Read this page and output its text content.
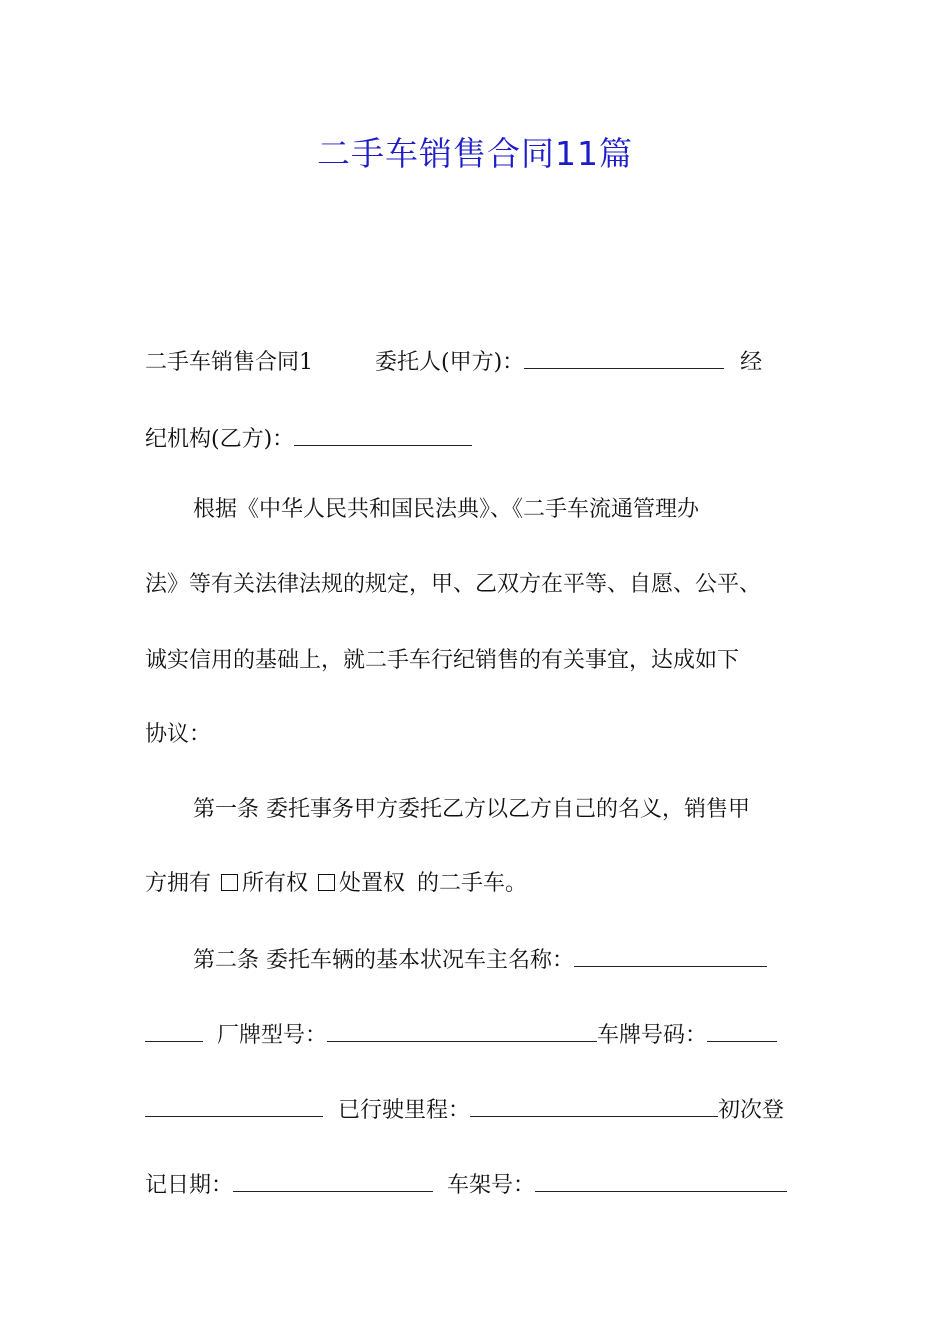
二手车销售合同11篇
二手车销售合同1	委托人(甲方)：	经
纪机构(乙方)：
根据《中华人民共和国民法典》、《二手车流通管理办
法》等有关法律法规的规定，甲、乙双方在平等、自愿、公平、
诚实信用的基础上，就二手车行纪销售的有关事宜，达成如下
协议：
第一条 委托事务甲方委托乙方以乙方自己的名义，销售甲
方拥有 所有权 处置权 的二手车。
第二条 委托车辆的基本状况车主名称：
厂牌型号：	车牌号码：
已行驶里程：	初次登
记日期：	车架号：
